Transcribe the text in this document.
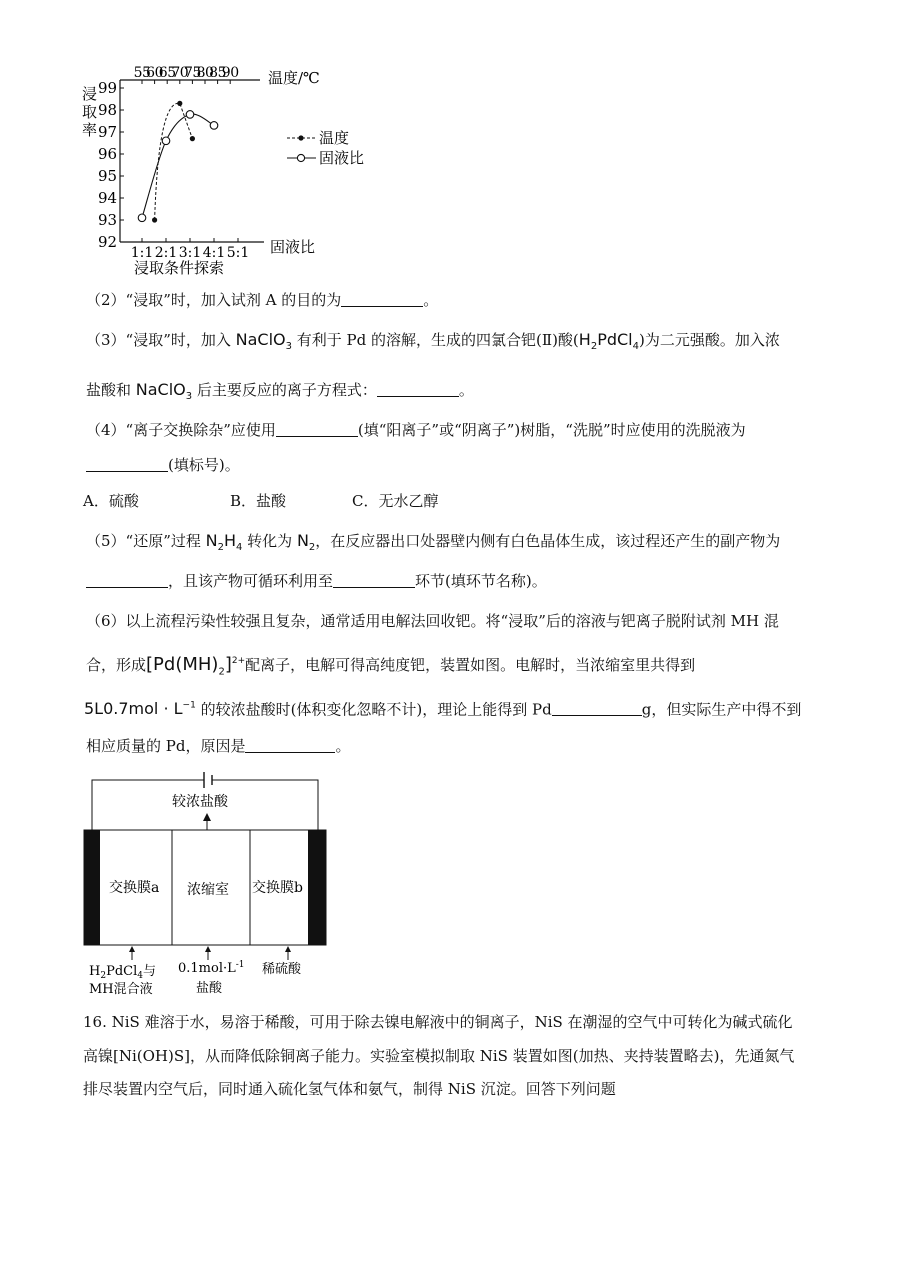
92
93
94
95
96
97
98
99
55
60
65
70
75
80
85
90
1:1 2:1 3:1 4:1 5:1
温度/℃
固液比
浸取条件探索
浸
取
率	温度
固液比
（2）“浸取”时，加入试剂 A 的目的为	。
（3）“浸取”时，加入 NaClO$_3$ 有利于 Pd 的溶解，生成的四氯合钯(Ⅱ)酸$(H_2PdCl_4)$为二元强酸。加入浓
盐酸和 NaClO$_3$ 后主要反应的离子方程式：	。
（4）“离子交换除杂”应使用	(填“阳离子”或“阴离子”)树脂，“洗脱”时应使用的洗脱液为
(填标号)。
A．硫酸	B．盐酸	C．无水乙醇
（5）“还原”过程 $N_2H_4$ 转化为 $N_2$，在反应器出口处器壁内侧有白色晶体生成，该过程还产生的副产物为
，且该产物可循环利用至	环节(填环节名称)。
（6）以上流程污染性较强且复杂，通常适用电解法回收钯。将“浸取”后的溶液与钯离子脱附试剂 MH 混
合，形成$[Pd(MH)_2]^{2+}$配离子，电解可得高纯度钯，装置如图。电解时，当浓缩室里共得到
$5L0.7mol \cdot L^{-1}$ 的较浓盐酸时(体积变化忽略不计)，理论上能得到 Pd	g，但实际生产中得不到
相应质量的 Pd，原因是	。
较浓盐酸
交换膜a 浓缩室 交换膜b
$H_2PdCl_4$与
MH混合液
$0.1mol\cdot L^{-1}$
盐酸
稀硫酸
16. NiS 难溶于水，易溶于稀酸，可用于除去镍电解液中的铜离子，NiS 在潮湿的空气中可转化为碱式硫化
高镍[Ni(OH)S]，从而降低除铜离子能力。实验室模拟制取 NiS 装置如图(加热、夹持装置略去)，先通氮气
排尽装置内空气后，同时通入硫化氢气体和氨气，制得 NiS 沉淀。回答下列问题
